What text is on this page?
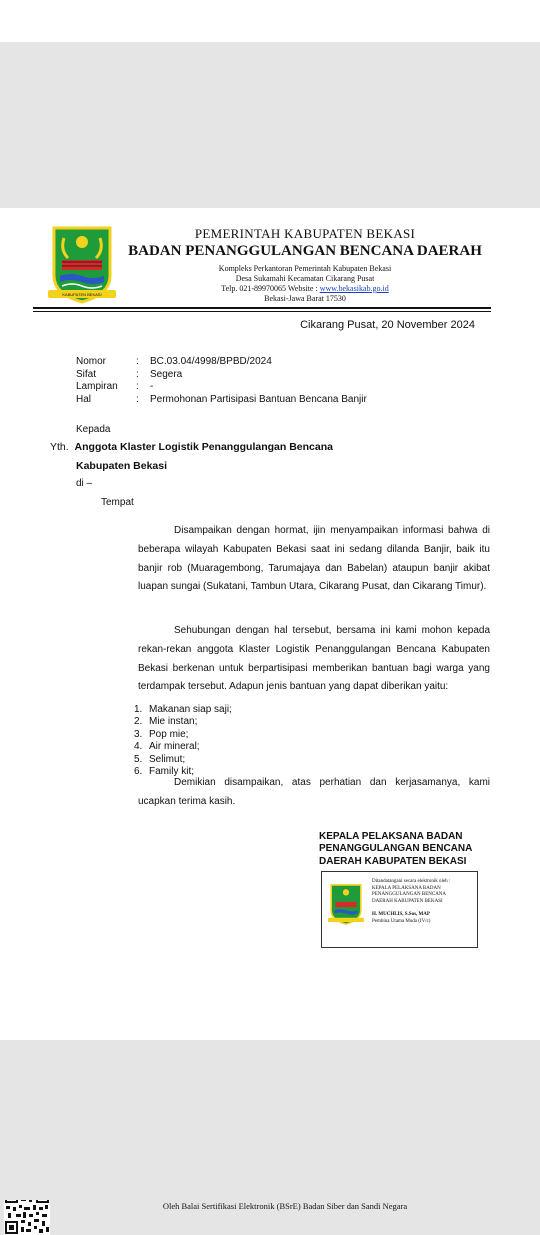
KABUPATEN BEKASI
PEMERINTAH KABUPATEN BEKASI
BADAN PENANGGULANGAN BENCANA DAERAH
Kompleks Perkantoran Pemerintah Kabupaten Bekasi
Desa Sukamahi Kecamatan Cikarang Pusat
Telp. 021-89970065 Website : www.bekasikab.go.id
Bekasi-Jawa Barat 17530
Cikarang Pusat, 20 November 2024
Nomor	:	BC.03.04/4998/BPBD/2024
Sifat	:	Segera
Lampiran	:	-
Hal	:	Permohonan Partisipasi Bantuan Bencana Banjir
Kepada
Yth. Anggota Klaster Logistik Penanggulangan Bencana
Kabupaten Bekasi
di –
Tempat

Disampaikan dengan hormat, ijin menyampaikan informasi bahwa di beberapa wilayah Kabupaten Bekasi saat ini sedang dilanda Banjir, baik itu banjir rob (Muaragembong, Tarumajaya dan Babelan) ataupun banjir akibat luapan sungai (Sukatani, Tambun Utara, Cikarang Pusat, dan Cikarang Timur).

Sehubungan dengan hal tersebut, bersama ini kami mohon kepada rekan-rekan anggota Klaster Logistik Penanggulangan Bencana Kabupaten Bekasi berkenan untuk berpartisipasi memberikan bantuan bagi warga yang terdampak tersebut. Adapun jenis bantuan yang dapat diberikan yaitu:

1. Makanan siap saji;
2. Mie instan;
3. Pop mie;
4. Air mineral;
5. Selimut;
6. Family kit;

Demikian disampaikan, atas perhatian dan kerjasamanya, kami ucapkan terima kasih.

KEPALA PELAKSANA BADAN
PENANGGULANGAN BENCANA
DAERAH KABUPATEN BEKASI
Ditandatangani secara elektronik oleh :
KEPALA PELAKSANA BADAN
PENANGGULANGAN BENCANA
DAERAH KABUPATEN BEKASI
H. MUCHLIS, S.Sos, MAP
Pembina Utama Muda (IV/c)
Oleh Balai Sertifikasi Elektronik (BSrE) Badan Siber dan Sandi Negara
